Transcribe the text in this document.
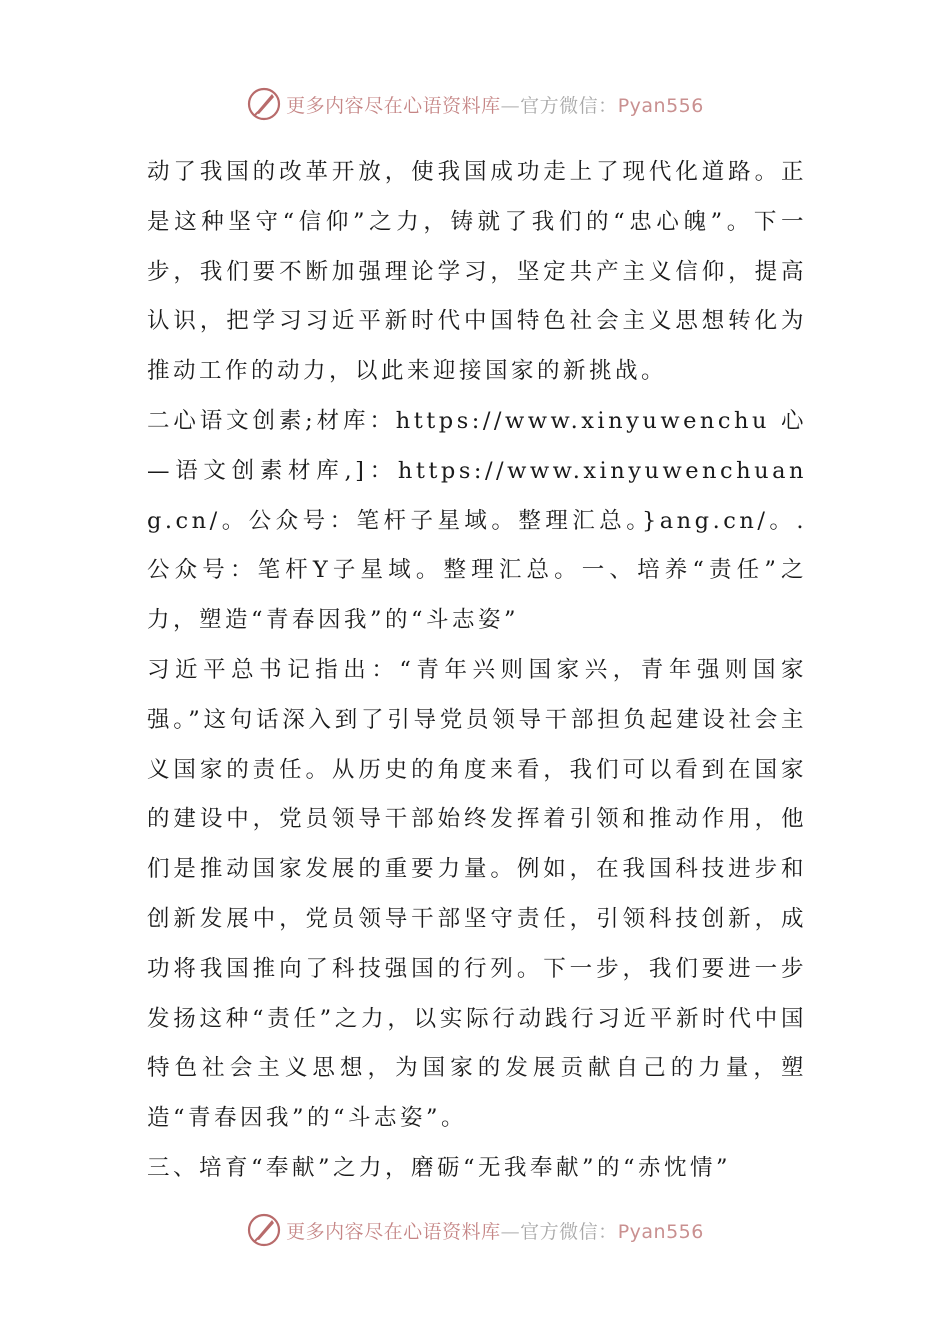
更多内容尽在心语资料库—官方微信：Pyan556

动了我国的改革开放，使我国成功走上了现代化道路。正是这种坚守“信仰”之力，铸就了我们的“忠心魄”。下一步，我们要不断加强理论学习，坚定共产主义信仰，提高认识，把学习习近平新时代中国特色社会主义思想转化为推动工作的动力，以此来迎接国家的新挑战。

二心语文创素;材库：https://www.xinyuwenchu 心—语文创素材库,]：https://www.xinyuwenchuang.cn/。公众号：笔杆子星域。整理汇总。}ang.cn/。.公众号：笔杆Y子星域。整理汇总。一、培养“责任”之力，塑造“青春因我”的“斗志姿”

习近平总书记指出：“青年兴则国家兴，青年强则国家强。”这句话深入到了引导党员领导干部担负起建设社会主义国家的责任。从历史的角度来看，我们可以看到在国家的建设中，党员领导干部始终发挥着引领和推动作用，他们是推动国家发展的重要力量。例如，在我国科技进步和创新发展中，党员领导干部坚守责任，引领科技创新，成功将我国推向了科技强国的行列。下一步，我们要进一步发扬这种“责任”之力，以实际行动践行习近平新时代中国特色社会主义思想，为国家的发展贡献自己的力量，塑造“青春因我”的“斗志姿”。

三、培育“奉献”之力，磨砺“无我奉献”的“赤忱情”

更多内容尽在心语资料库—官方微信：Pyan556
